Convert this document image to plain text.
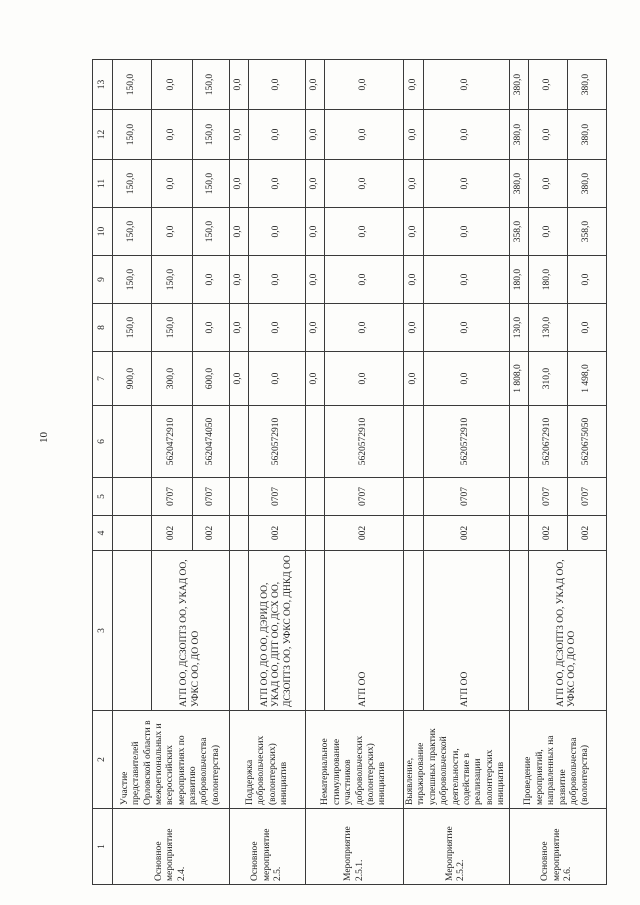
10
1	2	3	4	5	6	7	8	9	10	11	12	13
Основное мероприятие 2.4.	Участие представителей Орловской области в межрегиональных и всероссийских мероприятиях по развитию добровольчества (волонтерства)					900,0	150,0	150,0	150,0	150,0	150,0	150,0
		АГП ОО, ДСЗОПТЗ ОО, УКАД ОО, УФКС ОО, ДО ОО	002	0707	5620472910	300,0	150,0	150,0	0,0	0,0	0,0	0,0
			002	0707	5620474050	600,0	0,0	0,0	150,0	150,0	150,0	150,0
Основное мероприятие 2.5.	Поддержка добровольческих (волонтерских) инициатив					0,0	0,0	0,0	0,0	0,0	0,0	0,0
		АГП ОО, ДО ОО, ДЭРИД ОО, УКАД ОО, ДПТ ОО, ДСХ ОО, ДСЗОПТЗ ОО, УФКС ОО, ДНКД ОО	002	0707	5620572910	0,0	0,0	0,0	0,0	0,0	0,0	0,0
Мероприятие 2.5.1.	Нематериальное стимулирование участников добровольческих (волонтерских) инициатив					0,0	0,0	0,0	0,0	0,0	0,0	0,0
		АГП ОО	002	0707	5620572910	0,0	0,0	0,0	0,0	0,0	0,0	0,0
Мероприятие 2.5.2.	Выявление, тиражирование успешных практик добровольческой деятельности, содействие в реализации волонтерских инициатив					0,0	0,0	0,0	0,0	0,0	0,0	0,0
		АГП ОО	002	0707	5620572910	0,0	0,0	0,0	0,0	0,0	0,0	0,0
Основное мероприятие 2.6.	Проведение мероприятий, направленных на развитие добровольчества (волонтерства)					1 808,0	130,0	180,0	358,0	380,0	380,0	380,0
		АГП ОО, ДСЗОПТЗ ОО, УКАД ОО, УФКС ОО, ДО ОО	002	0707	5620672910	310,0	130,0	180,0	0,0	0,0	0,0	0,0
			002	0707	5620675050	1 498,0	0,0	0,0	358,0	380,0	380,0	380,0
